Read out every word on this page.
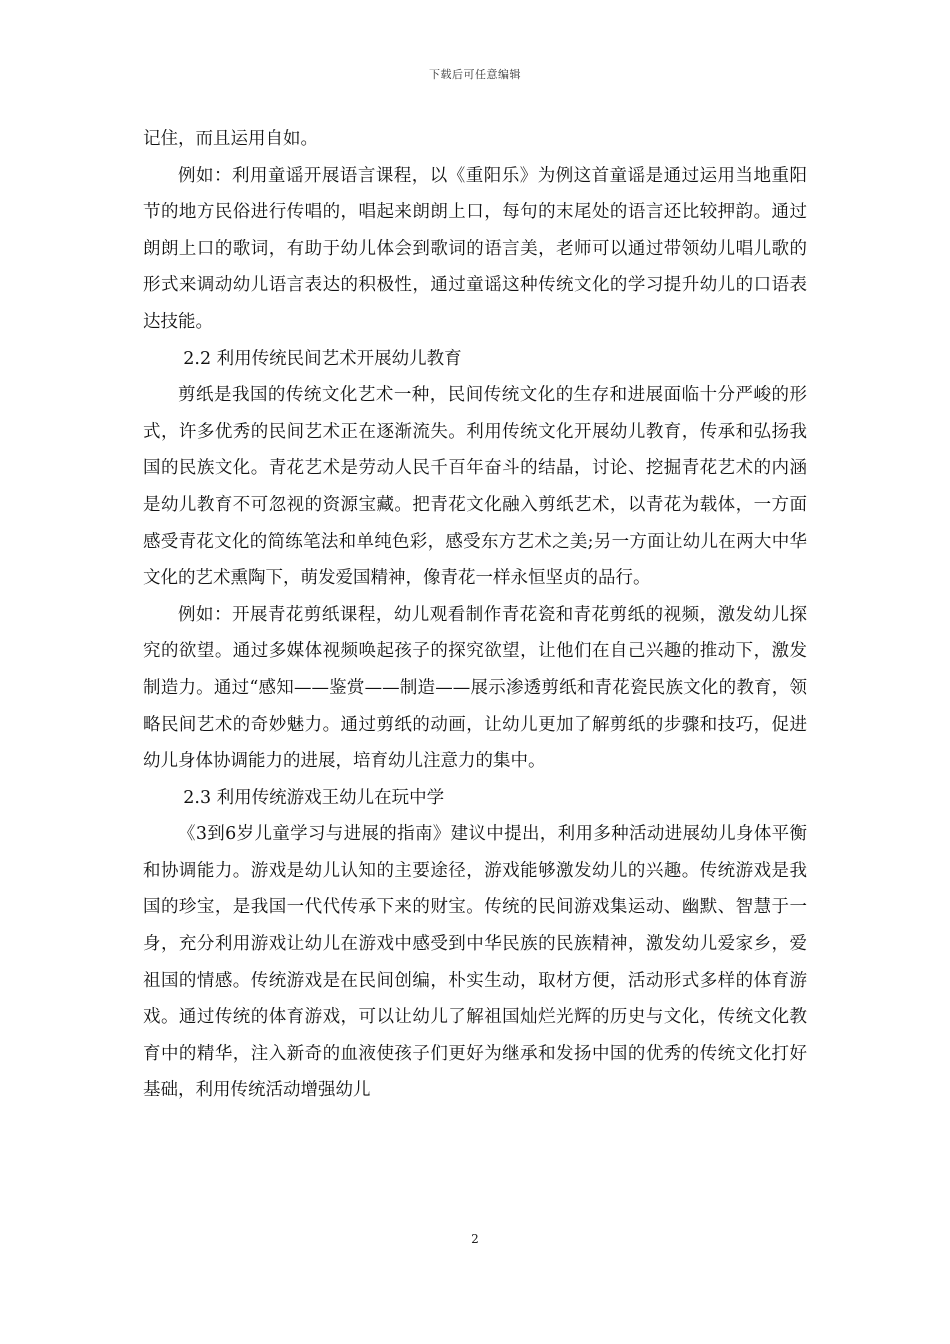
下载后可任意编辑

记住，而且运用自如。

例如：利用童谣开展语言课程，以《重阳乐》为例这首童谣是通过运用当地重阳节的地方民俗进行传唱的，唱起来朗朗上口，每句的末尾处的语言还比较押韵。通过朗朗上口的歌词，有助于幼儿体会到歌词的语言美，老师可以通过带领幼儿唱儿歌的形式来调动幼儿语言表达的积极性，通过童谣这种传统文化的学习提升幼儿的口语表达技能。

2.2 利用传统民间艺术开展幼儿教育

剪纸是我国的传统文化艺术一种，民间传统文化的生存和进展面临十分严峻的形式，许多优秀的民间艺术正在逐渐流失。利用传统文化开展幼儿教育，传承和弘扬我国的民族文化。青花艺术是劳动人民千百年奋斗的结晶，讨论、挖掘青花艺术的内涵是幼儿教育不可忽视的资源宝藏。把青花文化融入剪纸艺术，以青花为载体，一方面感受青花文化的简练笔法和单纯色彩，感受东方艺术之美;另一方面让幼儿在两大中华文化的艺术熏陶下，萌发爱国精神，像青花一样永恒坚贞的品行。

例如：开展青花剪纸课程，幼儿观看制作青花瓷和青花剪纸的视频，激发幼儿探究的欲望。通过多媒体视频唤起孩子的探究欲望，让他们在自己兴趣的推动下，激发制造力。通过“感知——鉴赏——制造——展示渗透剪纸和青花瓷民族文化的教育，领略民间艺术的奇妙魅力。通过剪纸的动画，让幼儿更加了解剪纸的步骤和技巧，促进幼儿身体协调能力的进展，培育幼儿注意力的集中。

2.3 利用传统游戏王幼儿在玩中学

《3到6岁儿童学习与进展的指南》建议中提出，利用多种活动进展幼儿身体平衡和协调能力。游戏是幼儿认知的主要途径，游戏能够激发幼儿的兴趣。传统游戏是我国的珍宝，是我国一代代传承下来的财宝。传统的民间游戏集运动、幽默、智慧于一身，充分利用游戏让幼儿在游戏中感受到中华民族的民族精神，激发幼儿爱家乡，爱祖国的情感。传统游戏是在民间创编，朴实生动，取材方便，活动形式多样的体育游戏。通过传统的体育游戏，可以让幼儿了解祖国灿烂光辉的历史与文化，传统文化教育中的精华，注入新奇的血液使孩子们更好为继承和发扬中国的优秀的传统文化打好基础，利用传统活动增强幼儿

2
